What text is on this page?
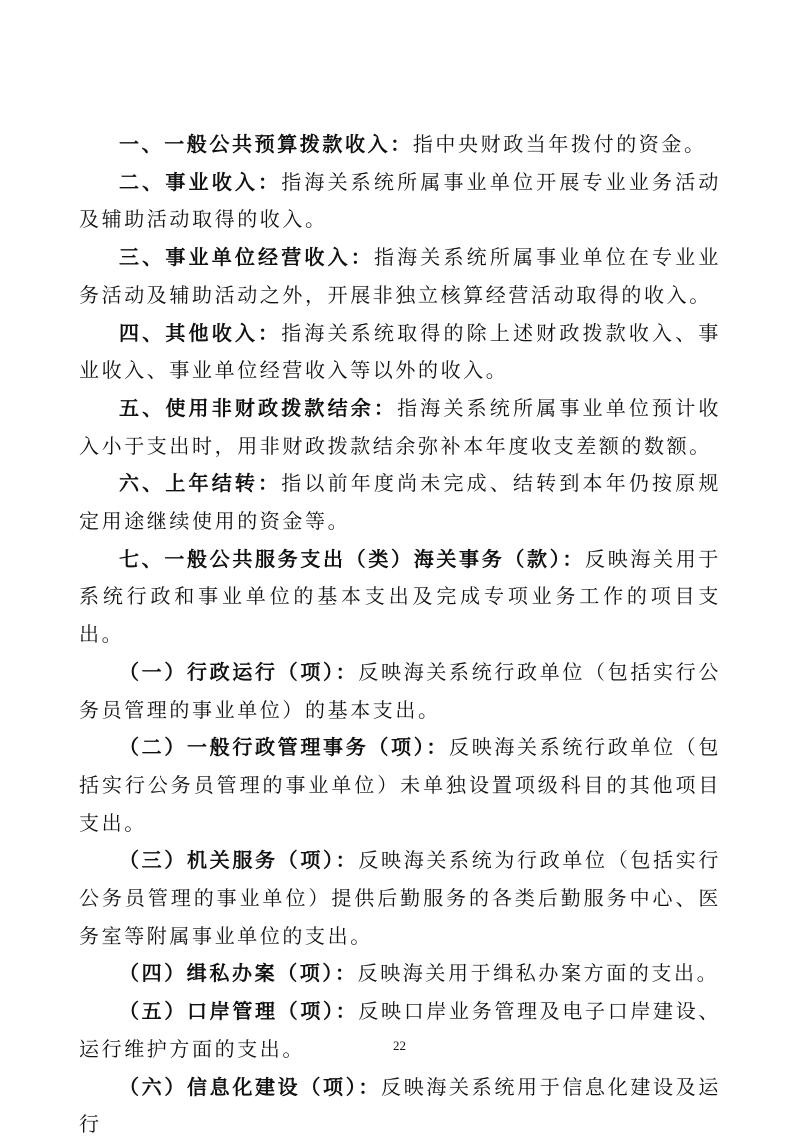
一、一般公共预算拨款收入：指中央财政当年拨付的资金。

二、事业收入：指海关系统所属事业单位开展专业业务活动及辅助活动取得的收入。

三、事业单位经营收入：指海关系统所属事业单位在专业业务活动及辅助活动之外，开展非独立核算经营活动取得的收入。

四、其他收入：指海关系统取得的除上述财政拨款收入、事业收入、事业单位经营收入等以外的收入。

五、使用非财政拨款结余：指海关系统所属事业单位预计收入小于支出时，用非财政拨款结余弥补本年度收支差额的数额。

六、上年结转：指以前年度尚未完成、结转到本年仍按原规定用途继续使用的资金等。

七、一般公共服务支出（类）海关事务（款）：反映海关用于系统行政和事业单位的基本支出及完成专项业务工作的项目支出。

（一）行政运行（项）：反映海关系统行政单位（包括实行公务员管理的事业单位）的基本支出。

（二）一般行政管理事务（项）：反映海关系统行政单位（包括实行公务员管理的事业单位）未单独设置项级科目的其他项目支出。

（三）机关服务（项）：反映海关系统为行政单位（包括实行公务员管理的事业单位）提供后勤服务的各类后勤服务中心、医务室等附属事业单位的支出。

（四）缉私办案（项）：反映海关用于缉私办案方面的支出。

（五）口岸管理（项）：反映口岸业务管理及电子口岸建设、运行维护方面的支出。

（六）信息化建设（项）：反映海关系统用于信息化建设及运行

22
